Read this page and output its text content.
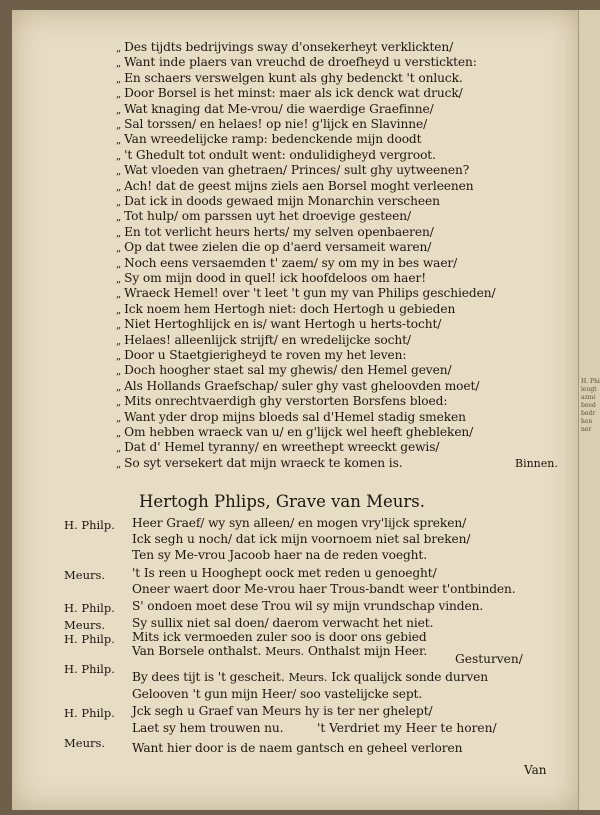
„ Des tijdts bedrijvings sway d'onsekerheyt verklickten/
„ Want inde plaers van vreuchd de droefheyd u verstickten:
„ En schaers verswelgen kunt als ghy bedenckt 't onluck.
„ Door Borsel is het minst: maer als ick denck wat druck/
„ Wat knaging dat Me-vrou/ die waerdige Graefinne/
„ Sal torssen/ en helaes! op nie! g'lijck en Slavinne/
„ Van wreedelijcke ramp: bedenckende mijn doodt
„ 't Ghedult tot ondult went: ondulidigheyd vergroot.
„ Wat vloeden van ghetraen/ Princes/ sult ghy uytweenen?
„ Ach! dat de geest mijns ziels aen Borsel moght verleenen
„ Dat ick in doods gewaed mijn Monarchin verscheen
„ Tot hulp/ om parssen uyt het droevige gesteen/
„ En tot verlicht heurs herts/ my selven openbaeren/
„ Op dat twee zielen die op d'aerd versameit waren/
„ Noch eens versaemden t' zaem/ sy om my in bes waer/
„ Sy om mijn dood in quel! ick hoofdeloos om haer!
„ Wraeck Hemel! over 't leet 't gun my van Philips geschieden/
„ Ick noem hem Hertogh niet: doch Hertogh u gebieden
„ Niet Hertoghlijck en is/ want Hertogh u herts-tocht/
„ Helaes! alleenlijck strijft/ en wredelijcke socht/
„ Door u Staetgierigheyd te roven my het leven:
„ Doch hoogher staet sal my ghewis/ den Hemel geven/
„ Als Hollands Graefschap/ suler ghy vast gheloovden moet/
„ Mits onrechtvaerdigh ghy verstorten Borsfens bloed:
„ Want yder drop mijns bloeds sal d'Hemel stadig smeken
„ Om hebben wraeck van u/ en g'lijck wel heeft ghebleken/
„ Dat d' Hemel tyranny/ en wreethept wreeckt gewis/
„ So syt versekert dat mijn wraeck te komen is.	Binnen.
Hertogh Phlips, Grave van Meurs.
H. Philp. Heer Graef/ wy syn alleen/ en mogen vry'lijck spreken/
Ick segh u noch/ dat ick mijn voornoem niet sal breken/
Ten sy Me-vrou Jacoob haer na de reden voeght.
Meurs. 't Is reen u Hooghept oock met reden u genoeght/
Oneer waert door Me-vrou haer Trous-bandt weer t'ontbinden.
H. Philp. S' ondoen moet dese Trou wil sy mijn vrundschap vinden.
Meurs. Sy sullix niet sal doen/ daerom verwacht het niet.
H. Philp. Mits ick vermoeden zuler soo is door ons gebied
Van Borsele onthalst. Meurs. Onthalst mijn Heer.
H. Philp.
Gesturven/
By dees tijt is 't gescheit. Meurs. Ick qualijck sonde durven
Gelooven 't gun mijn Heer/ soo vastelijcke sept.
H. Philp. Jck segh u Graef van Meurs hy is ter ner ghelept/
Laet sy hem trouwen nu.
Meurs.
't Verdriet my Heer te horen/
Want hier door is de naem gantsch en geheel verloren
Van
H. Phi
leugt
azmi
beed
bedr
hen
ner
